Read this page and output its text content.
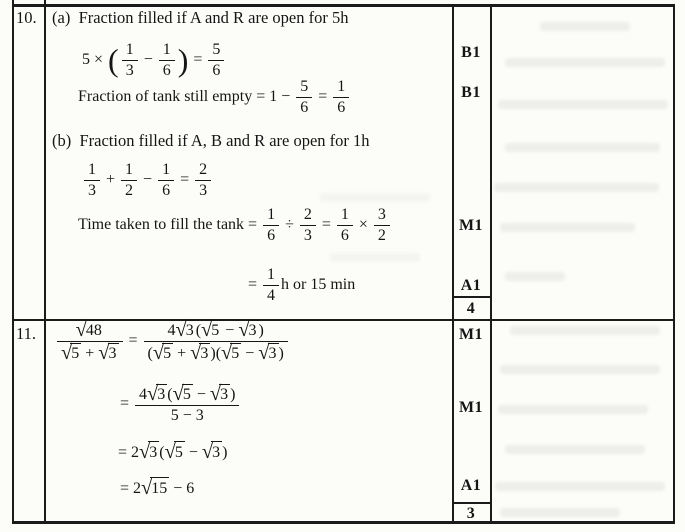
10. (a)  Fraction filled if A and R are open for 5h
5 × ( $\frac{1}{3} - \frac{1}{6}$ ) = $\frac{5}{6}$
Fraction of tank still empty = $1 - \frac{5}{6} = \frac{1}{6}$
(b)  Fraction filled if A, B and R are open for 1h
$\frac{1}{3} + \frac{1}{2} - \frac{1}{6} = \frac{2}{3}$
Time taken to fill the $\tan k = \frac{1}{6} \div \frac{2}{3} = \frac{1}{6} \times \frac{3}{2}$
= $\frac{1}{4}$ h or 15 min
B1
B1
M1
A1
4
11. $\frac{√48}{√5 + √3} = \frac{4√3 (√5 - √3 )}{(√5 + √3 )(√5 - √3 )}$
= $\frac{4√3 (√5 - √3 )}{5 - 3}$
= 2√3 (√5 − √3 )
= 2√15 − 6
M1
M1
A1
3
